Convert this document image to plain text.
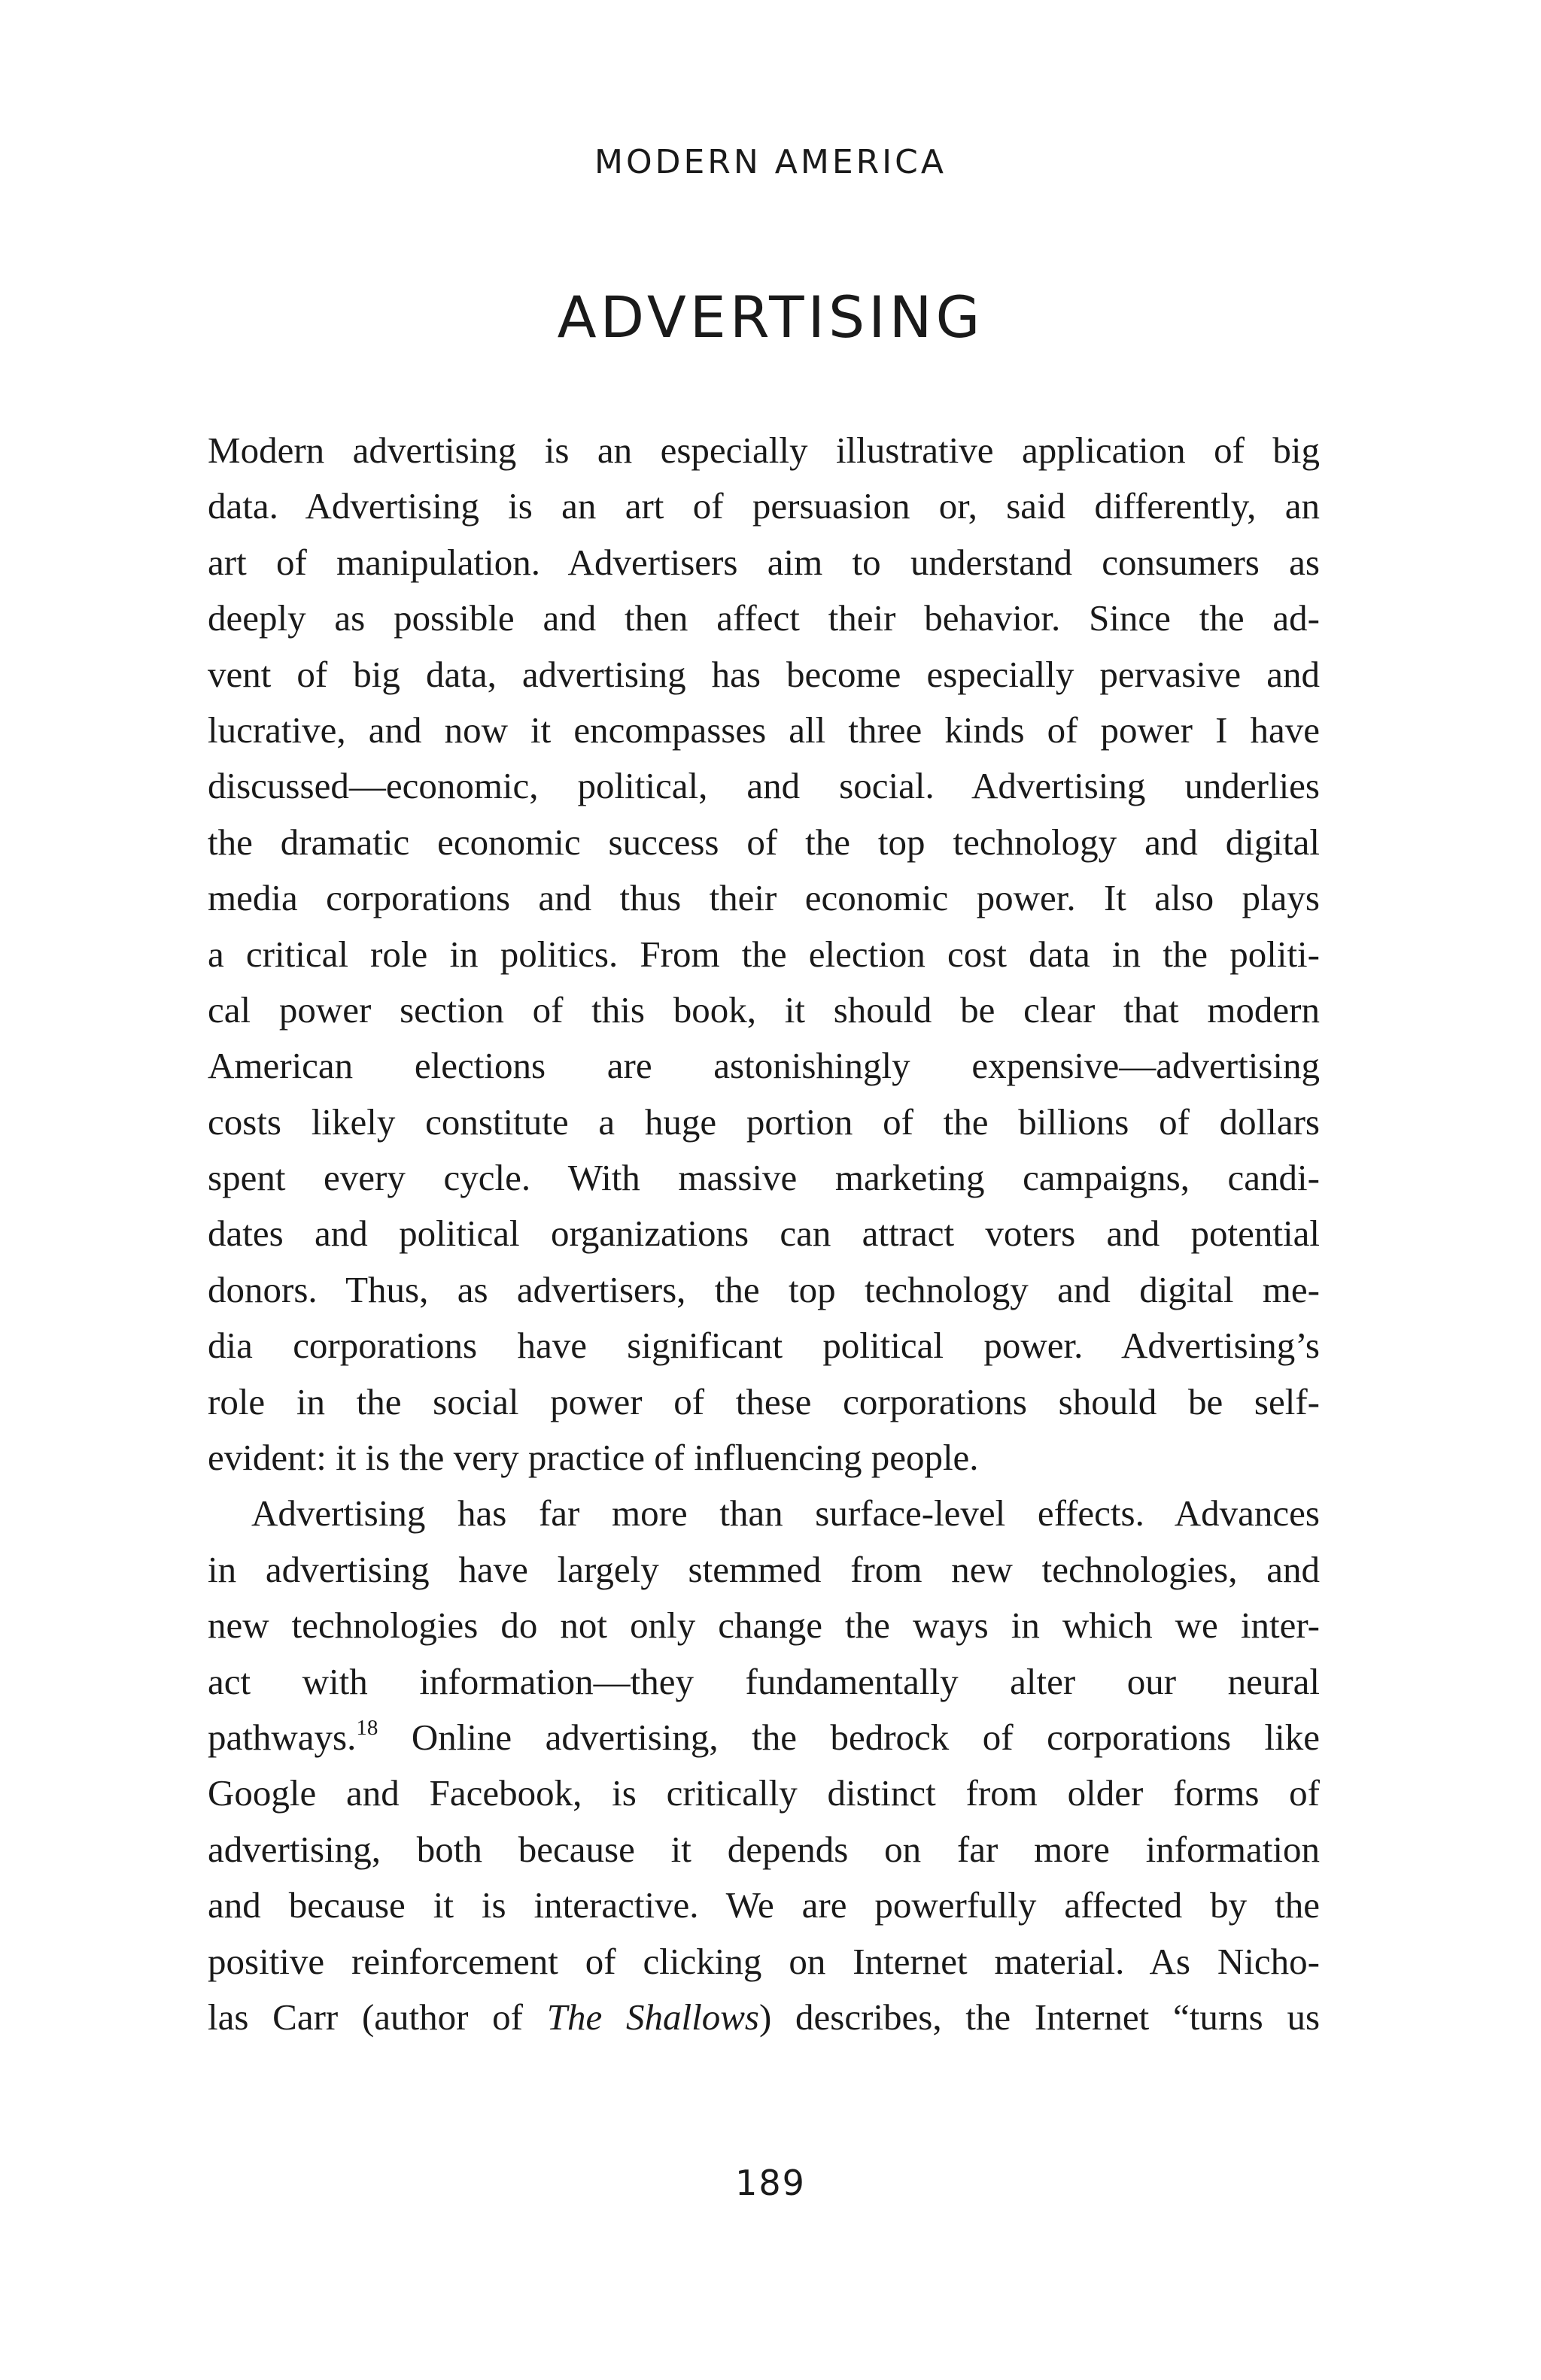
MODERN AMERICA
ADVERTISING
Modern advertising is an especially illustrative application of big
data. Advertising is an art of persuasion or, said differently, an
art of manipulation. Advertisers aim to understand consumers as
deeply as possible and then affect their behavior. Since the ad-
vent of big data, advertising has become especially pervasive and
lucrative, and now it encompasses all three kinds of power I have
discussed—economic, political, and social. Advertising underlies
the dramatic economic success of the top technology and digital
media corporations and thus their economic power. It also plays
a critical role in politics. From the election cost data in the politi-
cal power section of this book, it should be clear that modern
American elections are astonishingly expensive—advertising
costs likely constitute a huge portion of the billions of dollars
spent every cycle. With massive marketing campaigns, candi-
dates and political organizations can attract voters and potential
donors. Thus, as advertisers, the top technology and digital me-
dia corporations have significant political power. Advertising’s
role in the social power of these corporations should be self-
evident: it is the very practice of influencing people.
Advertising has far more than surface-level effects. Advances
in advertising have largely stemmed from new technologies, and
new technologies do not only change the ways in which we inter-
act with information—they fundamentally alter our neural
pathways.$^{18}$ Online advertising, the bedrock of corporations like
Google and Facebook, is critically distinct from older forms of
advertising, both because it depends on far more information
and because it is interactive. We are powerfully affected by the
positive reinforcement of clicking on Internet material. As Nicho-
las Carr (author of The Shallows) describes, the Internet “turns us
189
